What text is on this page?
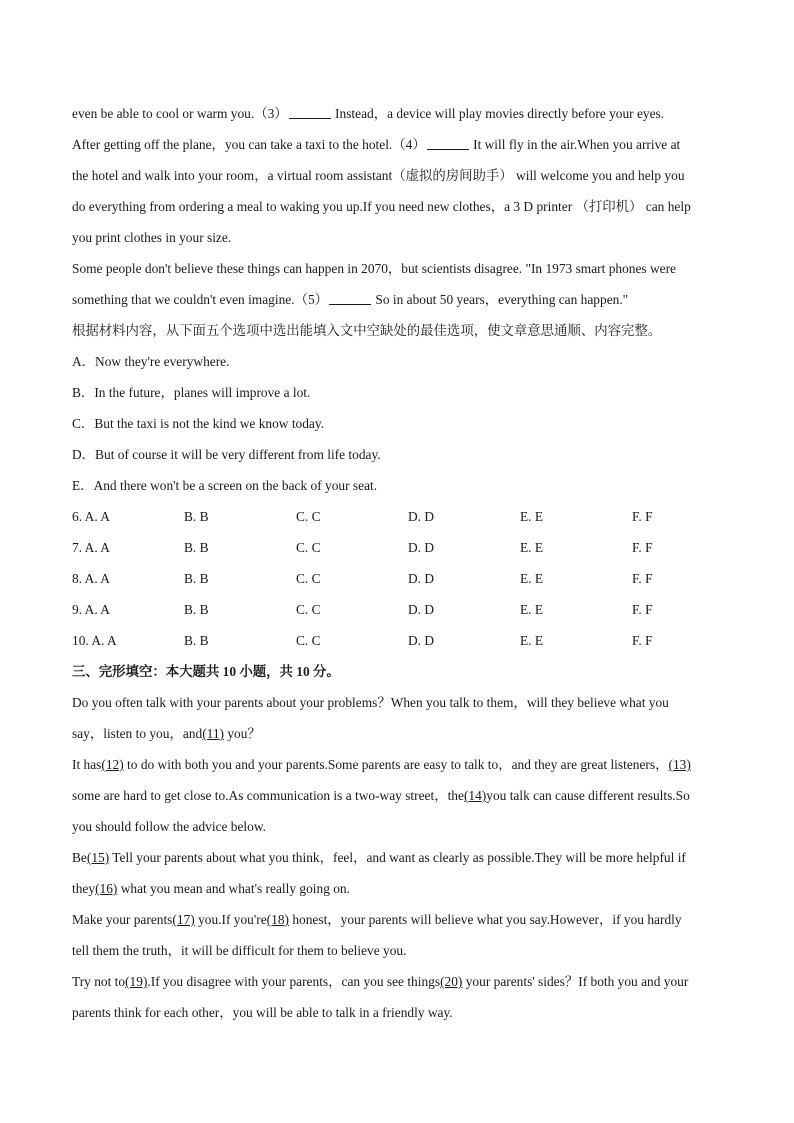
even be able to cool or warm you.（3）	Instead，a device will play movies directly before your eyes.
After getting off the plane，you can take a taxi to the hotel.（4）	It will fly in the air.When you arrive at
the hotel and walk into your room，a virtual room assistant（虚拟的房间助手） will welcome you and help you
do everything from ordering a meal to waking you up.If you need new clothes，a 3 D printer （打印机） can help
you print clothes in your size.
Some people don't believe these things can happen in 2070，but scientists disagree. "In 1973 smart phones were
something that we couldn't even imagine.（5）	So in about 50 years，everything can happen."
根据材料内容，从下面五个选项中选出能填入文中空缺处的最佳选项，使文章意思通顺、内容完整。
A．Now they're everywhere.
B．In the future，planes will improve a lot.
C．But the taxi is not the kind we know today.
D．But of course it will be very different from life today.
E．And there won't be a screen on the back of your seat.
6. A. A	B. B	C. C	D. D	E. E	F. F
7. A. A	B. B	C. C	D. D	E. E	F. F
8. A. A	B. B	C. C	D. D	E. E	F. F
9. A. A	B. B	C. C	D. D	E. E	F. F
10. A. A	B. B	C. C	D. D	E. E	F. F
三、完形填空：本大题共 10 小题，共 10 分。
Do you often talk with your parents about your problems？When you talk to them，will they believe what you
say，listen to you，and(11) you？
It has(12) to do with both you and your parents.Some parents are easy to talk to，and they are great listeners，(13)
some are hard to get close to.As communication is a two-way street，the(14)you talk can cause different results.So
you should follow the advice below.
Be(15) Tell your parents about what you think，feel，and want as clearly as possible.They will be more helpful if
they(16) what you mean and what's really going on.
Make your parents(17) you.If you're(18) honest，your parents will believe what you say.However，if you hardly
tell them the truth，it will be difficult for them to believe you.
Try not to(19).If you disagree with your parents，can you see things(20) your parents' sides？If both you and your
parents think for each other，you will be able to talk in a friendly way.
